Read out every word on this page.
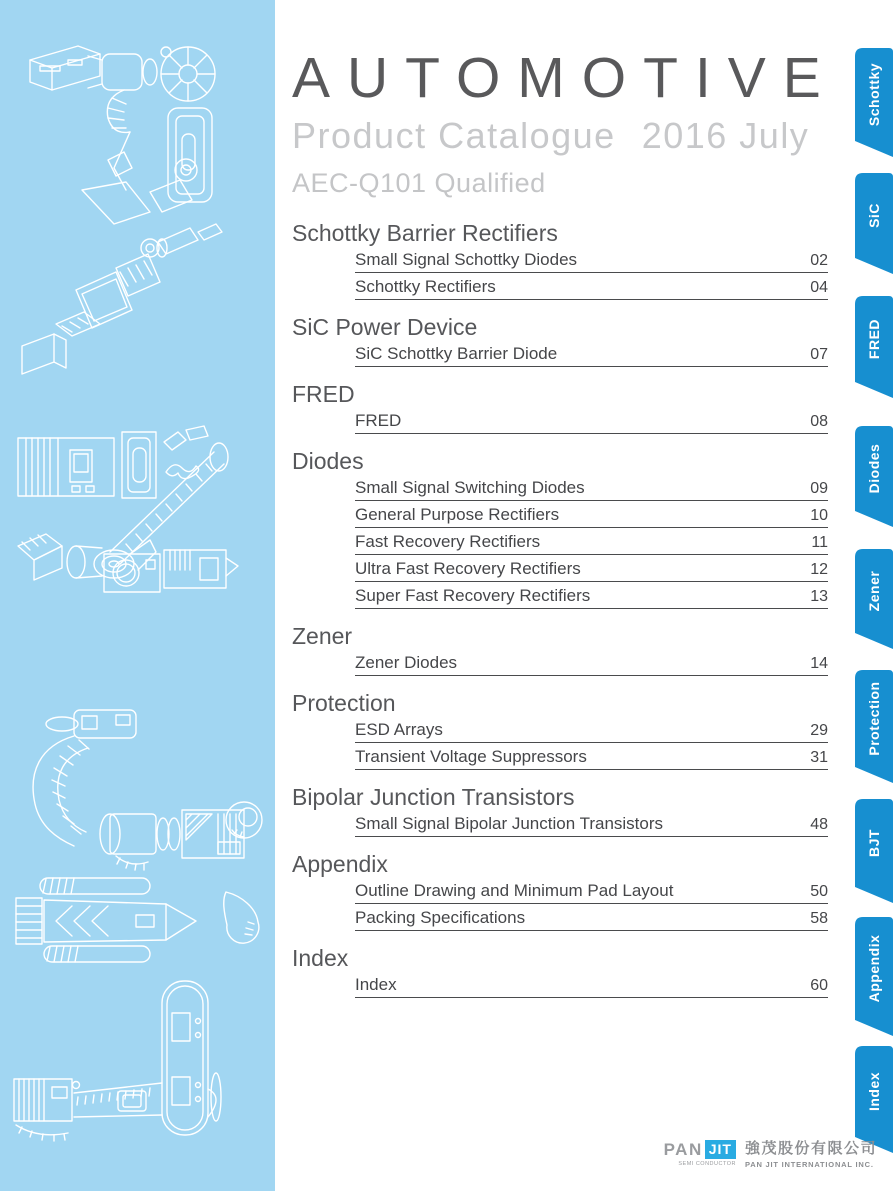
AUTOMOTIVE
Product Catalogue 2016 July
AEC-Q101 Qualified
Schottky Barrier Rectifiers
Small Signal Schottky Diodes	02
Schottky Rectifiers	04
SiC Power Device
SiC Schottky Barrier Diode	07
FRED
FRED	08
Diodes
Small Signal Switching Diodes	09
General Purpose Rectifiers	10
Fast Recovery Rectifiers	11
Ultra Fast Recovery Rectifiers	12
Super Fast Recovery Rectifiers	13
Zener
Zener Diodes	14
Protection
ESD Arrays	29
Transient Voltage Suppressors	31
Bipolar Junction Transistors
Small Signal Bipolar Junction Transistors	48
Appendix
Outline Drawing and Minimum Pad Layout	50
Packing Specifications	58
Index
Index	60
Schottky
SiC
FRED
Diodes
Zener
Protection
BJT
Appendix
Index
PAN JIT
SEMI CONDUCTOR
強茂股份有限公司
PAN JIT INTERNATIONAL INC.
